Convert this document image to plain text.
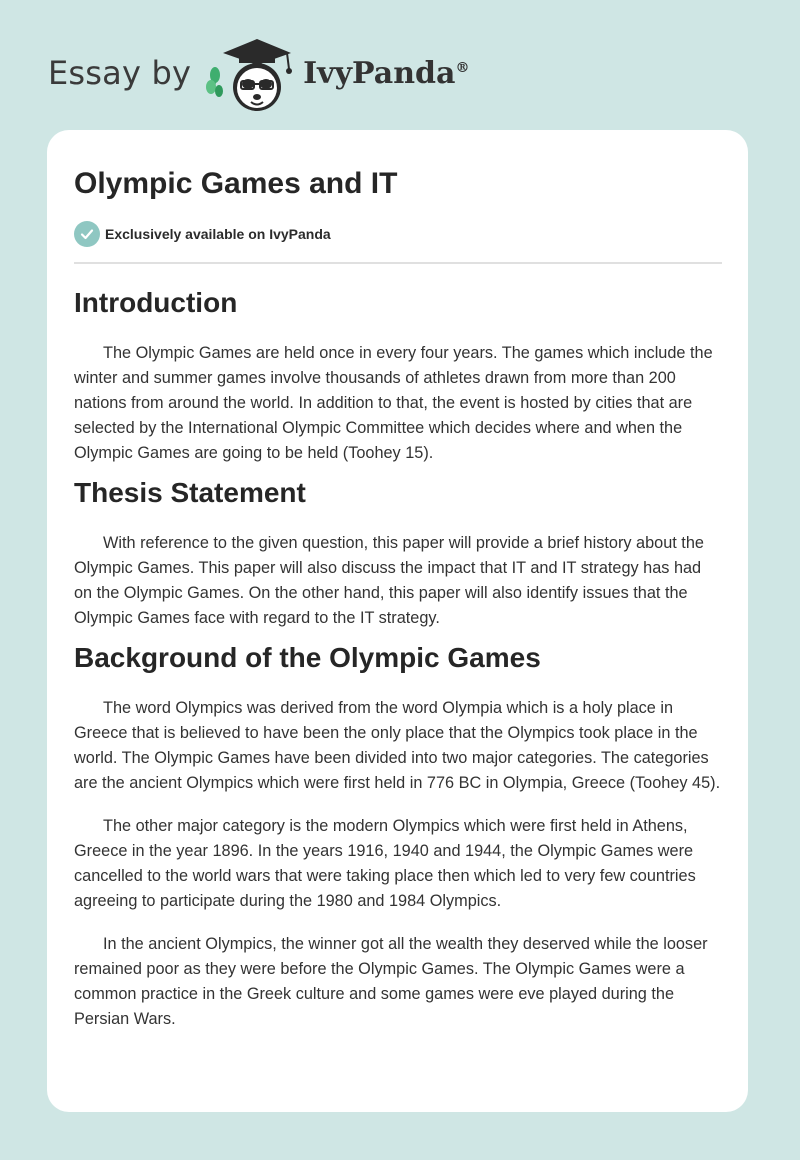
Essay by	IvyPanda®
Olympic Games and IT
Exclusively available on IvyPanda
Introduction

The Olympic Games are held once in every four years. The games which include the winter and summer games involve thousands of athletes drawn from more than 200 nations from around the world. In addition to that, the event is hosted by cities that are selected by the International Olympic Committee which decides where and when the Olympic Games are going to be held (Toohey 15).

Thesis Statement

With reference to the given question, this paper will provide a brief history about the Olympic Games. This paper will also discuss the impact that IT and IT strategy has had on the Olympic Games. On the other hand, this paper will also identify issues that the Olympic Games face with regard to the IT strategy.

Background of the Olympic Games

The word Olympics was derived from the word Olympia which is a holy place in Greece that is believed to have been the only place that the Olympics took place in the world. The Olympic Games have been divided into two major categories. The categories are the ancient Olympics which were first held in 776 BC in Olympia, Greece (Toohey 45).

The other major category is the modern Olympics which were first held in Athens, Greece in the year 1896. In the years 1916, 1940 and 1944, the Olympic Games were cancelled to the world wars that were taking place then which led to very few countries agreeing to participate during the 1980 and 1984 Olympics.

In the ancient Olympics, the winner got all the wealth they deserved while the looser remained poor as they were before the Olympic Games. The Olympic Games were a common practice in the Greek culture and some games were eve played during the Persian Wars.
